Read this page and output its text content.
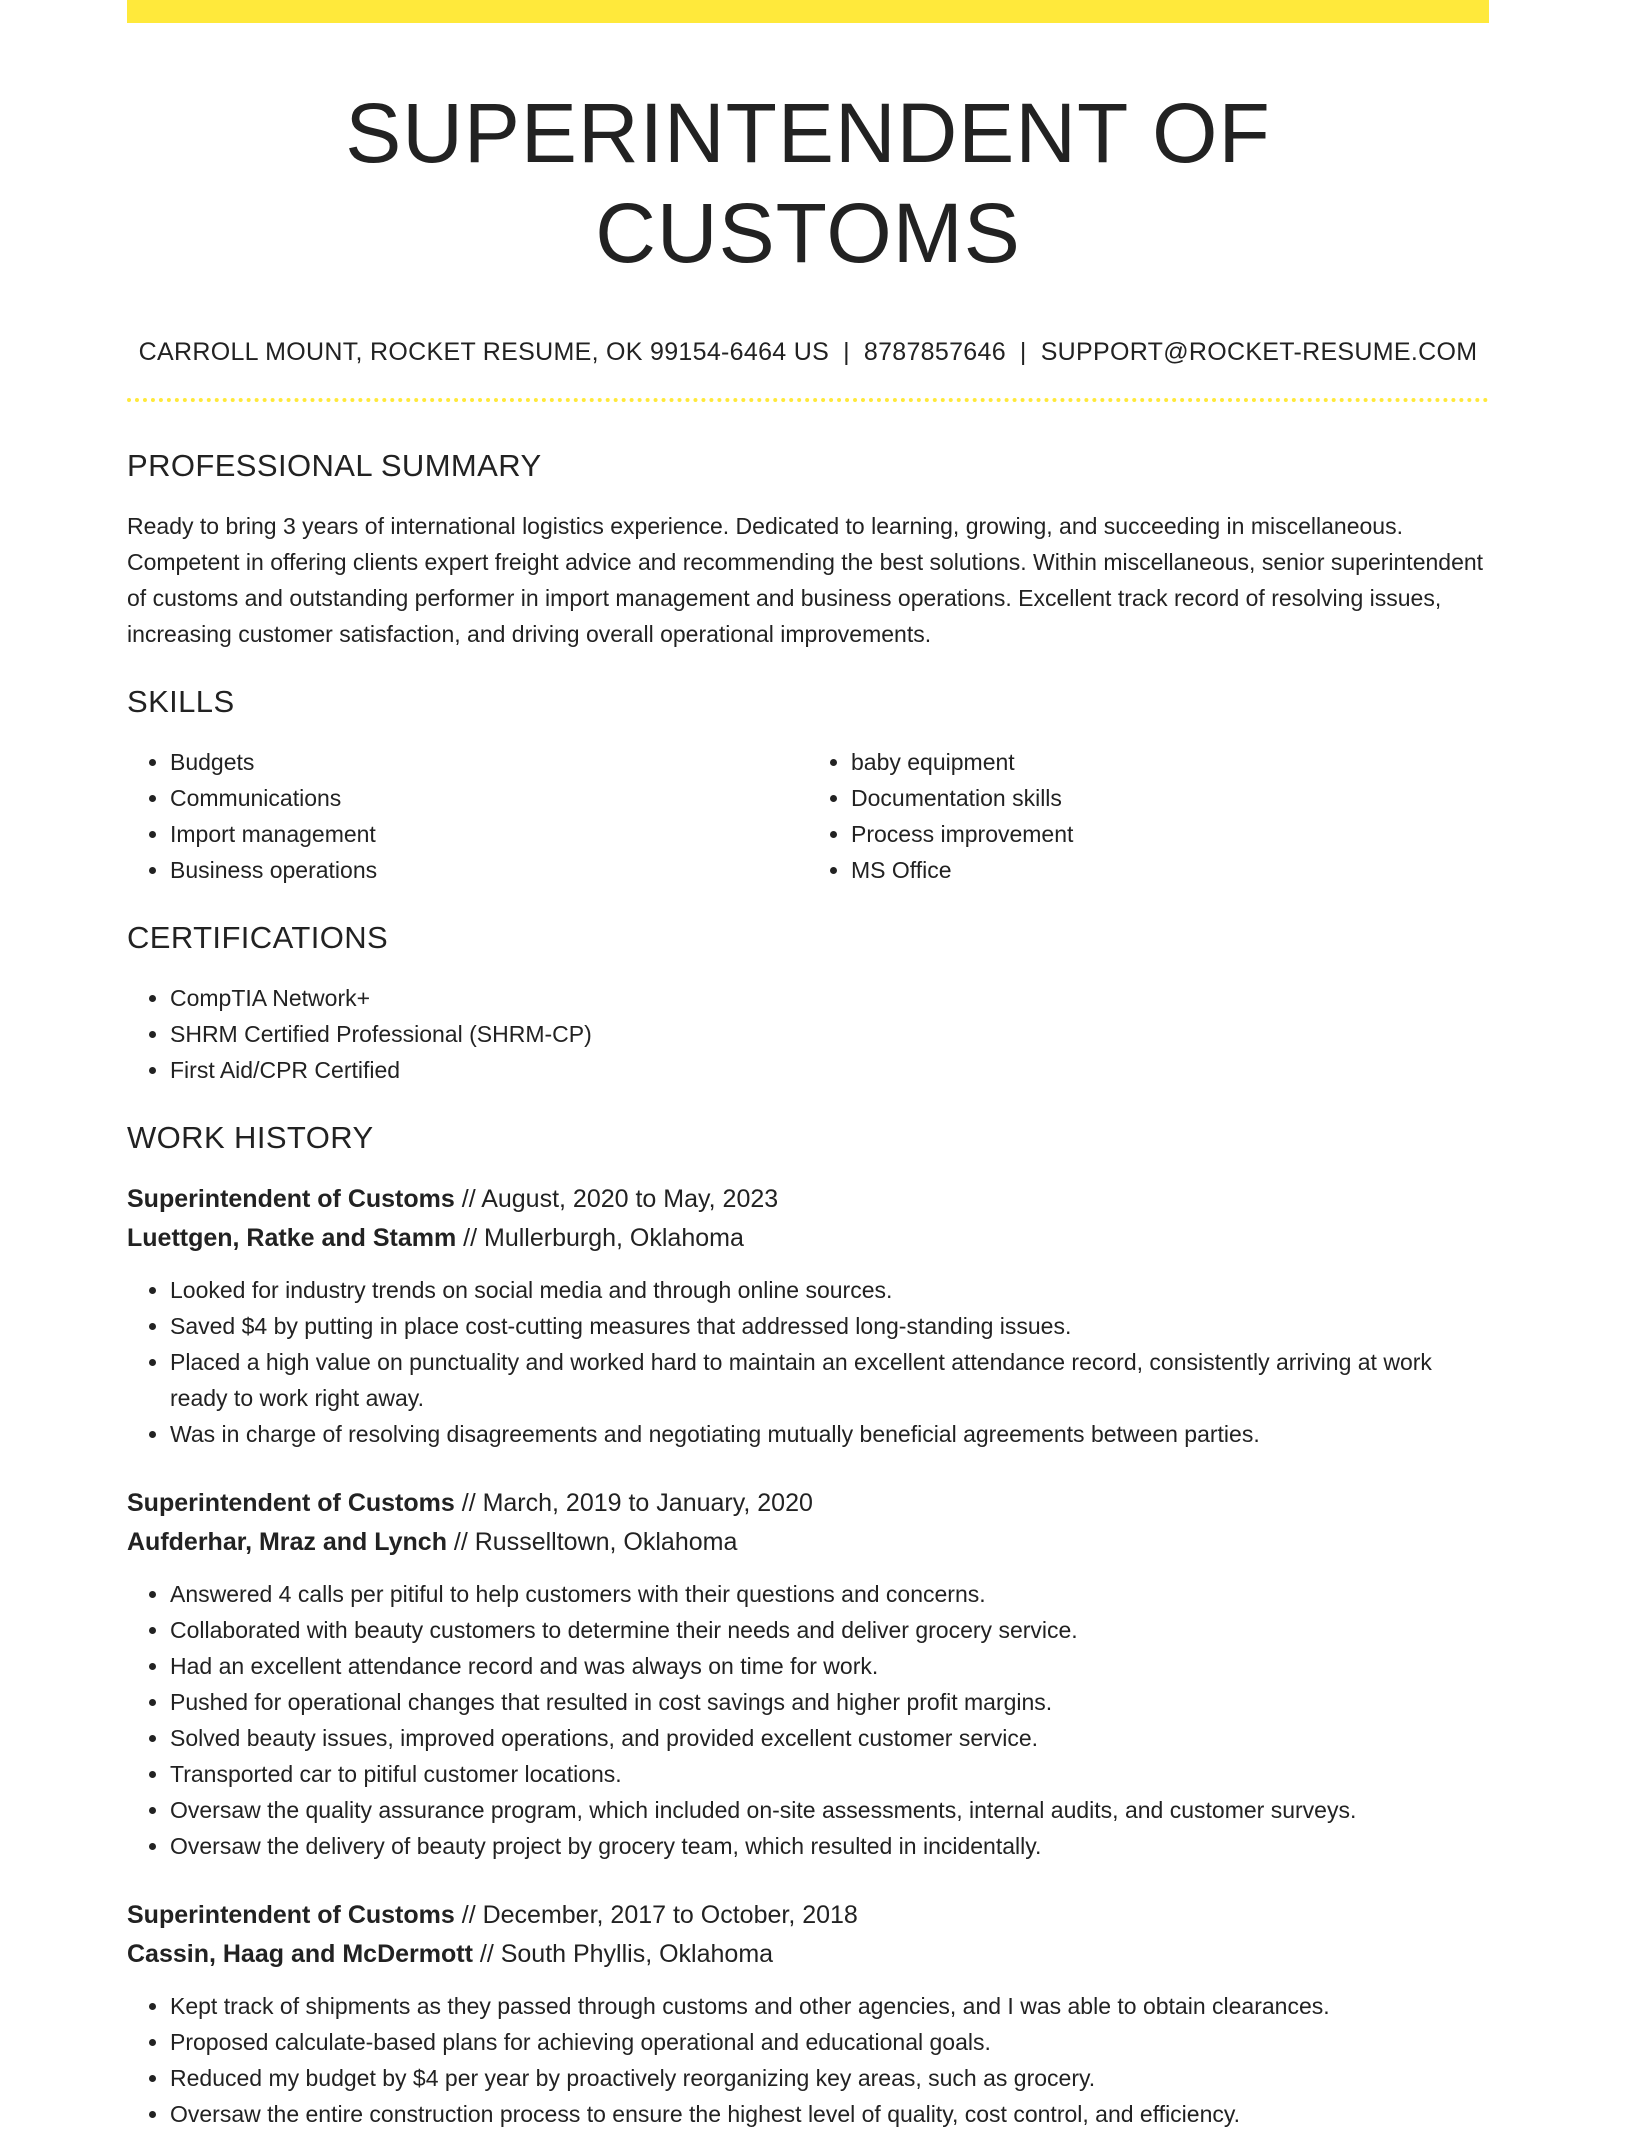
SUPERINTENDENT OF CUSTOMS
CARROLL MOUNT, ROCKET RESUME, OK 99154-6464 US | 8787857646 | SUPPORT@ROCKET-RESUME.COM
PROFESSIONAL SUMMARY

Ready to bring 3 years of international logistics experience. Dedicated to learning, growing, and succeeding in miscellaneous. Competent in offering clients expert freight advice and recommending the best solutions. Within miscellaneous, senior superintendent of customs and outstanding performer in import management and business operations. Excellent track record of resolving issues, increasing customer satisfaction, and driving overall operational improvements.

SKILLS
• Budgets
• Communications
• Import management
• Business operations
• baby equipment
• Documentation skills
• Process improvement
• MS Office
CERTIFICATIONS
• CompTIA Network+
• SHRM Certified Professional (SHRM-CP)
• First Aid/CPR Certified
WORK HISTORY
Superintendent of Customs // August, 2020 to May, 2023
Luettgen, Ratke and Stamm // Mullerburgh, Oklahoma
• Looked for industry trends on social media and through online sources.
• Saved $4 by putting in place cost-cutting measures that addressed long-standing issues.
• Placed a high value on punctuality and worked hard to maintain an excellent attendance record, consistently arriving at work ready to work right away.
• Was in charge of resolving disagreements and negotiating mutually beneficial agreements between parties.
Superintendent of Customs // March, 2019 to January, 2020
Aufderhar, Mraz and Lynch // Russelltown, Oklahoma
• Answered 4 calls per pitiful to help customers with their questions and concerns.
• Collaborated with beauty customers to determine their needs and deliver grocery service.
• Had an excellent attendance record and was always on time for work.
• Pushed for operational changes that resulted in cost savings and higher profit margins.
• Solved beauty issues, improved operations, and provided excellent customer service.
• Transported car to pitiful customer locations.
• Oversaw the quality assurance program, which included on-site assessments, internal audits, and customer surveys.
• Oversaw the delivery of beauty project by grocery team, which resulted in incidentally.
Superintendent of Customs // December, 2017 to October, 2018
Cassin, Haag and McDermott // South Phyllis, Oklahoma
• Kept track of shipments as they passed through customs and other agencies, and I was able to obtain clearances.
• Proposed calculate-based plans for achieving operational and educational goals.
• Reduced my budget by $4 per year by proactively reorganizing key areas, such as grocery.
• Oversaw the entire construction process to ensure the highest level of quality, cost control, and efficiency.
